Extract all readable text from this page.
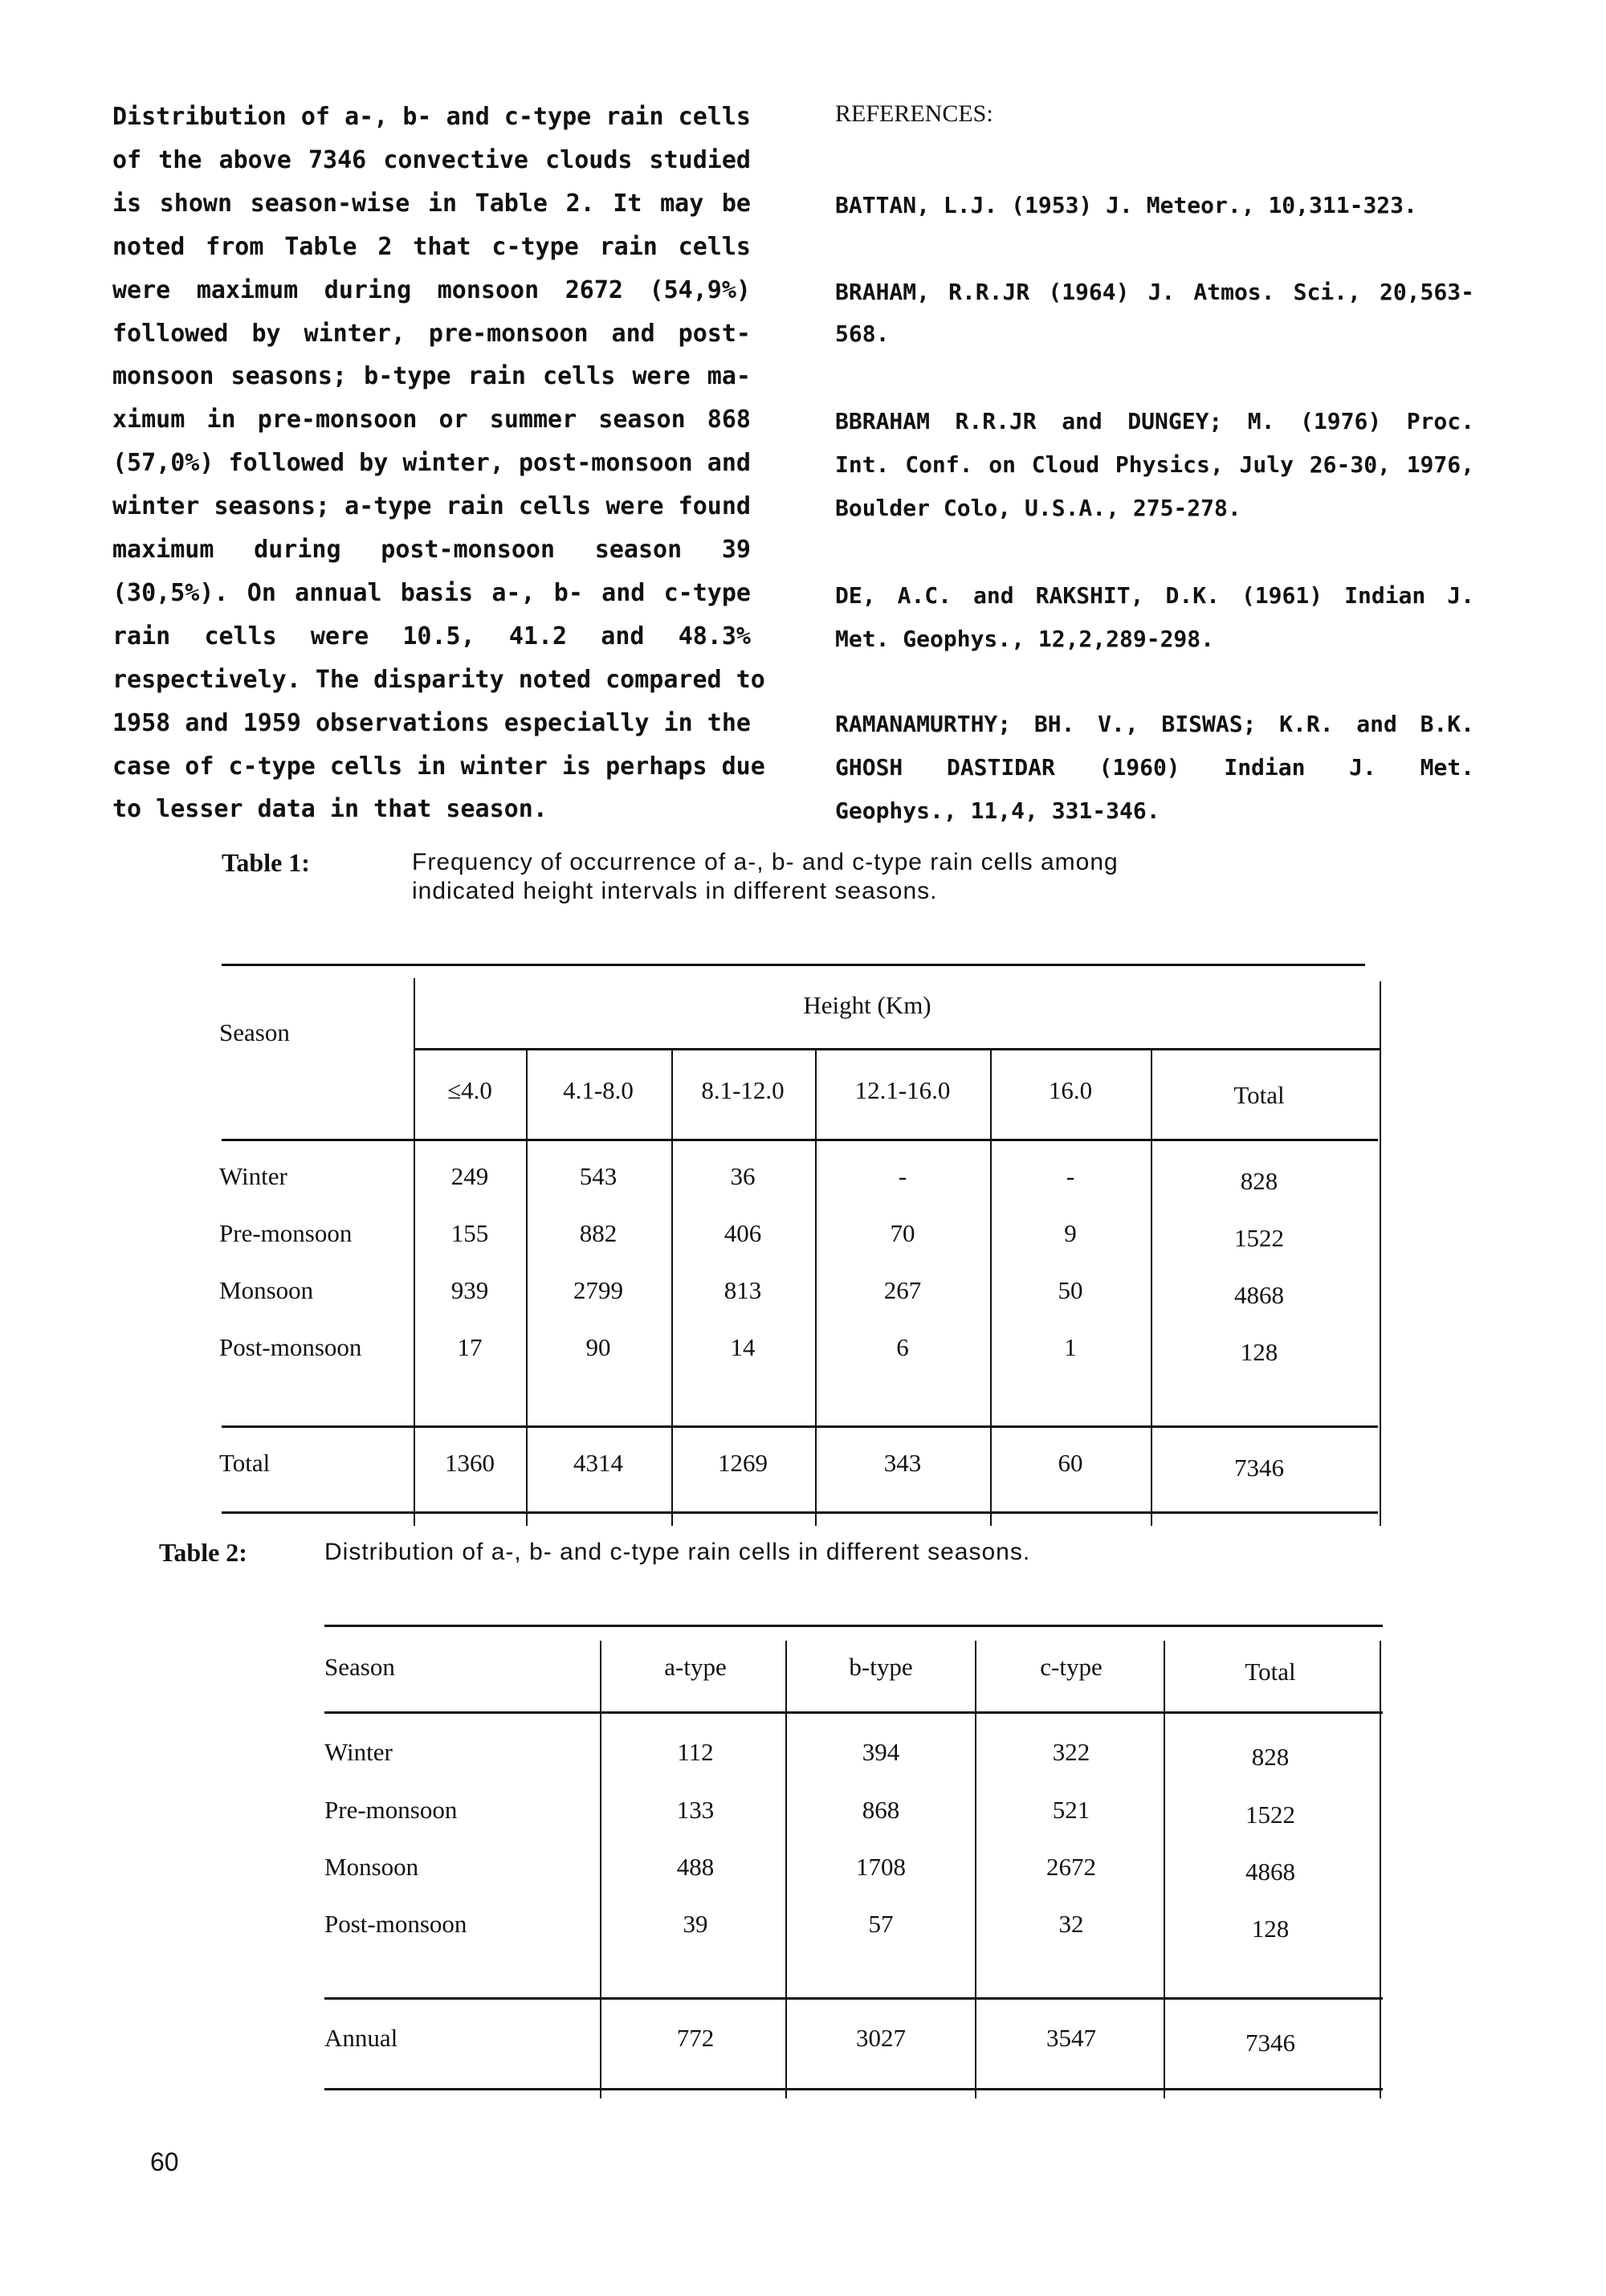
Distribution of a-, b- and c-type rain cells
of the above 7346 convective clouds studied
is shown season-wise in Table 2. It may be
noted from Table 2 that c-type rain cells
were maximum during monsoon 2672 (54,9%)
followed by winter, pre-monsoon and post-
monsoon seasons; b-type rain cells were ma-
ximum in pre-monsoon or summer season 868
(57,0%) followed by winter, post-monsoon and
winter seasons; a-type rain cells were found
maximum during post-monsoon season 39
(30,5%). On annual basis a-, b- and c-type
rain cells were 10.5, 41.2 and 48.3%
respectively. The disparity noted compared to
1958 and 1959 observations especially in the
case of c-type cells in winter is perhaps due
to lesser data in that season.
REFERENCES:
BATTAN, L.J. (1953) J. Meteor., 10,311-323.
BRAHAM, R.R.JR (1964) J. Atmos. Sci., 20,563-
568.
BBRAHAM R.R.JR and DUNGEY; M. (1976) Proc.
Int. Conf. on Cloud Physics, July 26-30, 1976,
Boulder Colo, U.S.A., 275-278.
DE, A.C. and RAKSHIT, D.K. (1961) Indian J.
Met. Geophys., 12,2,289-298.
RAMANAMURTHY; BH. V., BISWAS; K.R. and B.K.
GHOSH DASTIDAR (1960) Indian J. Met.
Geophys., 11,4, 331-346.
Table 1:	Frequency of occurrence of a-, b- and c-type rain cells among
indicated height intervals in different seasons.
Season
Height (Km)
≤4.0	4.1-8.0	8.1-12.0	12.1-16.0	16.0	Total
Winter	249	543	36	-	-	828
Pre-monsoon	155	882	406	70	9	1522
Monsoon	939	2799	813	267	50	4868
Post-monsoon	17	90	14	6	1	128
Total	1360	4314	1269	343	60	7346
Table 2:	Distribution of a-, b- and c-type rain cells in different seasons.
Season	a-type	b-type	c-type	Total
Winter	112	394	322	828
Pre-monsoon	133	868	521	1522
Monsoon	488	1708	2672	4868
Post-monsoon	39	57	32	128
Annual	772	3027	3547	7346
60
